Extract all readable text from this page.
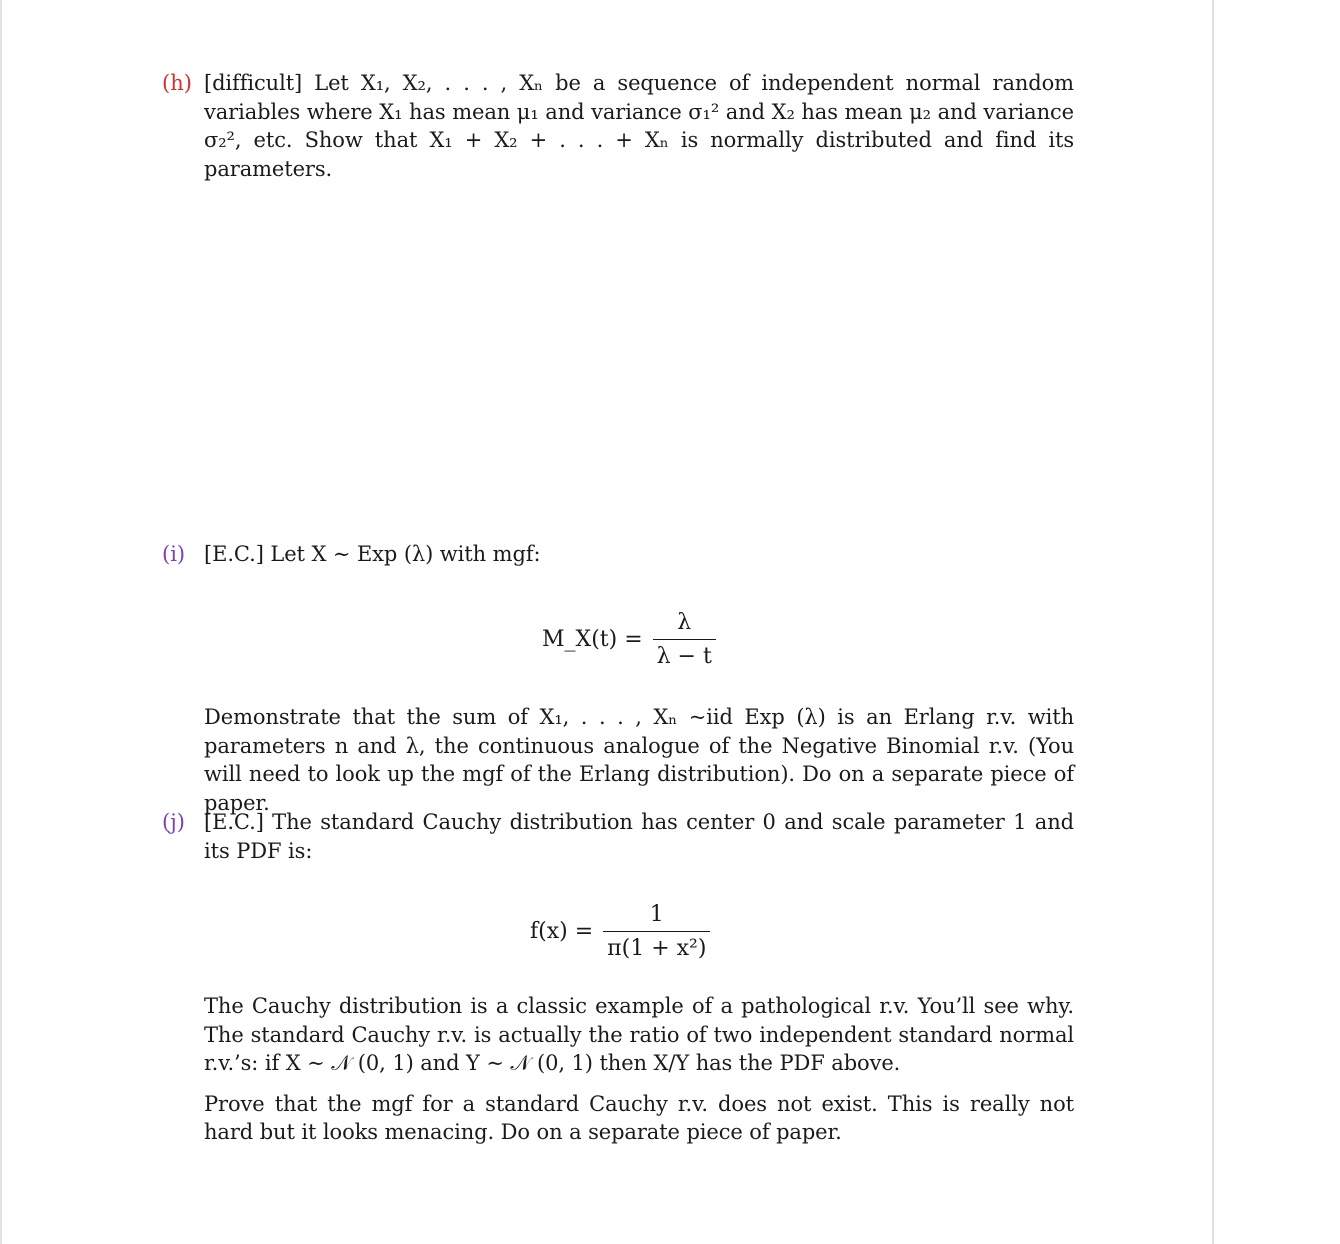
(h) [difficult] Let X₁, X₂, . . . , Xₙ be a sequence of independent normal random variables where X₁ has mean μ₁ and variance σ₁² and X₂ has mean μ₂ and variance σ₂², etc. Show that X₁ + X₂ + . . . + Xₙ is normally distributed and find its parameters.
(i) [E.C.] Let X ∼ Exp (λ) with mgf:
M_X(t) = $\frac{\lambda}{\lambda - t}$
Demonstrate that the sum of X₁, . . . , Xₙ ~iid Exp (λ) is an Erlang r.v. with parameters n and λ, the continuous analogue of the Negative Binomial r.v. (You will need to look up the mgf of the Erlang distribution). Do on a separate piece of paper.
(j) [E.C.] The standard Cauchy distribution has center 0 and scale parameter 1 and its PDF is:
$f(x) = \frac{1}{\text{π(1 + x²)}}$
The Cauchy distribution is a classic example of a pathological r.v. You’ll see why. The standard Cauchy r.v. is actually the ratio of two independent standard normal r.v.’s: if X ∼ 𝒩 (0, 1) and Y ∼ 𝒩 (0, 1) then X/Y has the PDF above.
Prove that the mgf for a standard Cauchy r.v. does not exist. This is really not hard but it looks menacing. Do on a separate piece of paper.
